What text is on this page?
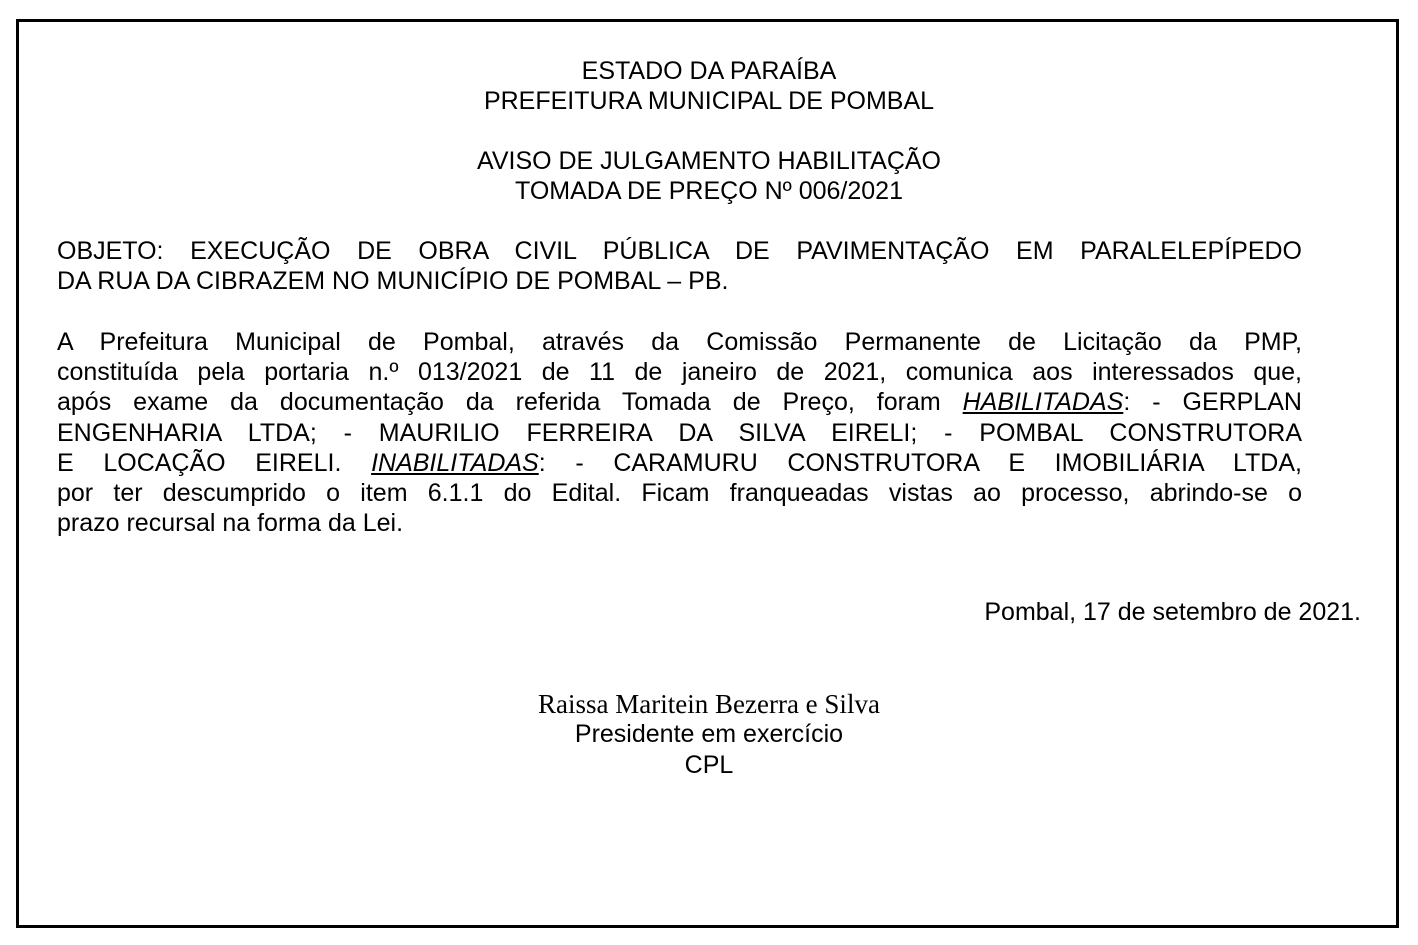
ESTADO DA PARAÍBA
PREFEITURA MUNICIPAL DE POMBAL
AVISO DE JULGAMENTO HABILITAÇÃO
TOMADA DE PREÇO Nº 006/2021
OBJETO: EXECUÇÃO DE OBRA CIVIL PÚBLICA DE PAVIMENTAÇÃO EM PARALELEPÍPEDO
DA RUA DA CIBRAZEM NO MUNICÍPIO DE POMBAL – PB.
A Prefeitura Municipal de Pombal, através da Comissão Permanente de Licitação da PMP,
constituída pela portaria n.º 013/2021 de 11 de janeiro de 2021, comunica aos interessados que,
após exame da documentação da referida Tomada de Preço, foram HABILITADAS: - GERPLAN
ENGENHARIA LTDA; - MAURILIO FERREIRA DA SILVA EIRELI; - POMBAL CONSTRUTORA
E LOCAÇÃO EIRELI. INABILITADAS: - CARAMURU CONSTRUTORA E IMOBILIÁRIA LTDA,
por ter descumprido o item 6.1.1 do Edital. Ficam franqueadas vistas ao processo, abrindo-se o
prazo recursal na forma da Lei.
Pombal, 17 de setembro de 2021.
Raissa Maritein Bezerra e Silva
Presidente em exercício
CPL
